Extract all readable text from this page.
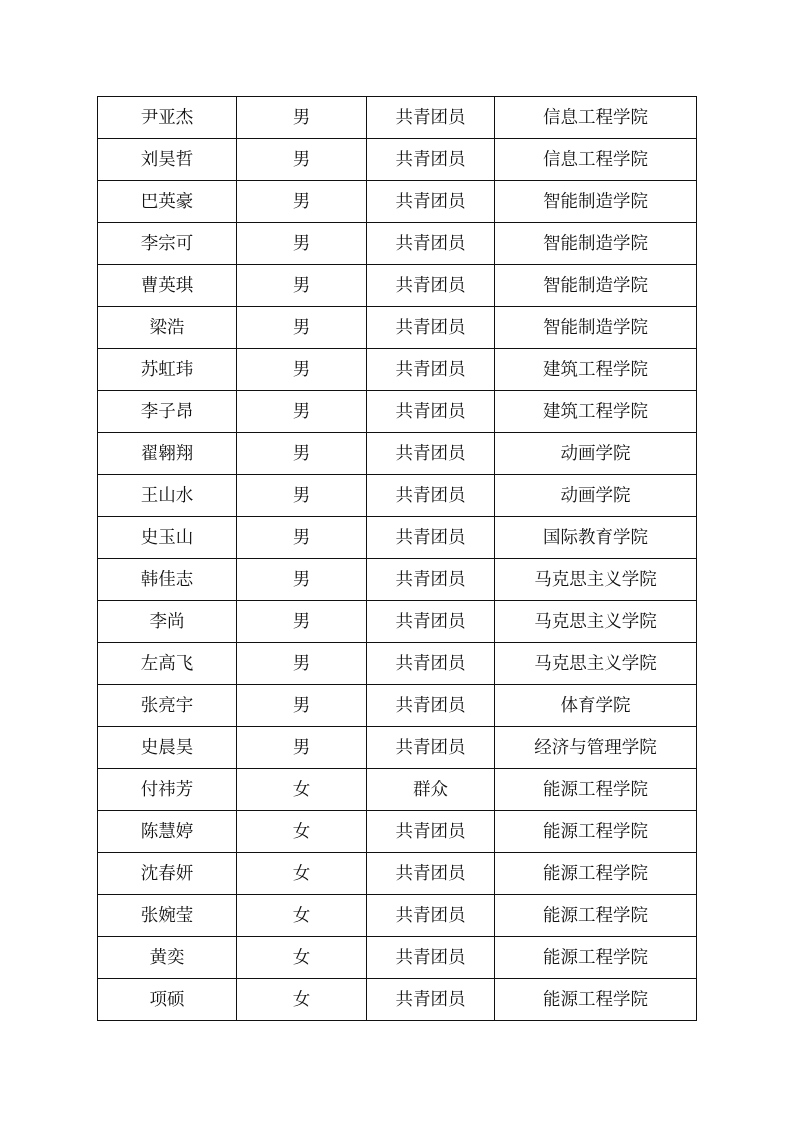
尹亚杰	男	共青团员	信息工程学院
刘昊哲	男	共青团员	信息工程学院
巴英豪	男	共青团员	智能制造学院
李宗可	男	共青团员	智能制造学院
曹英琪	男	共青团员	智能制造学院
梁浩	男	共青团员	智能制造学院
苏虹玮	男	共青团员	建筑工程学院
李子昂	男	共青团员	建筑工程学院
翟翱翔	男	共青团员	动画学院
王山水	男	共青团员	动画学院
史玉山	男	共青团员	国际教育学院
韩佳志	男	共青团员	马克思主义学院
李尚	男	共青团员	马克思主义学院
左高飞	男	共青团员	马克思主义学院
张亮宇	男	共青团员	体育学院
史晨昊	男	共青团员	经济与管理学院
付祎芳	女	群众	能源工程学院
陈慧婷	女	共青团员	能源工程学院
沈春妍	女	共青团员	能源工程学院
张婉莹	女	共青团员	能源工程学院
黄奕	女	共青团员	能源工程学院
项硕	女	共青团员	能源工程学院
